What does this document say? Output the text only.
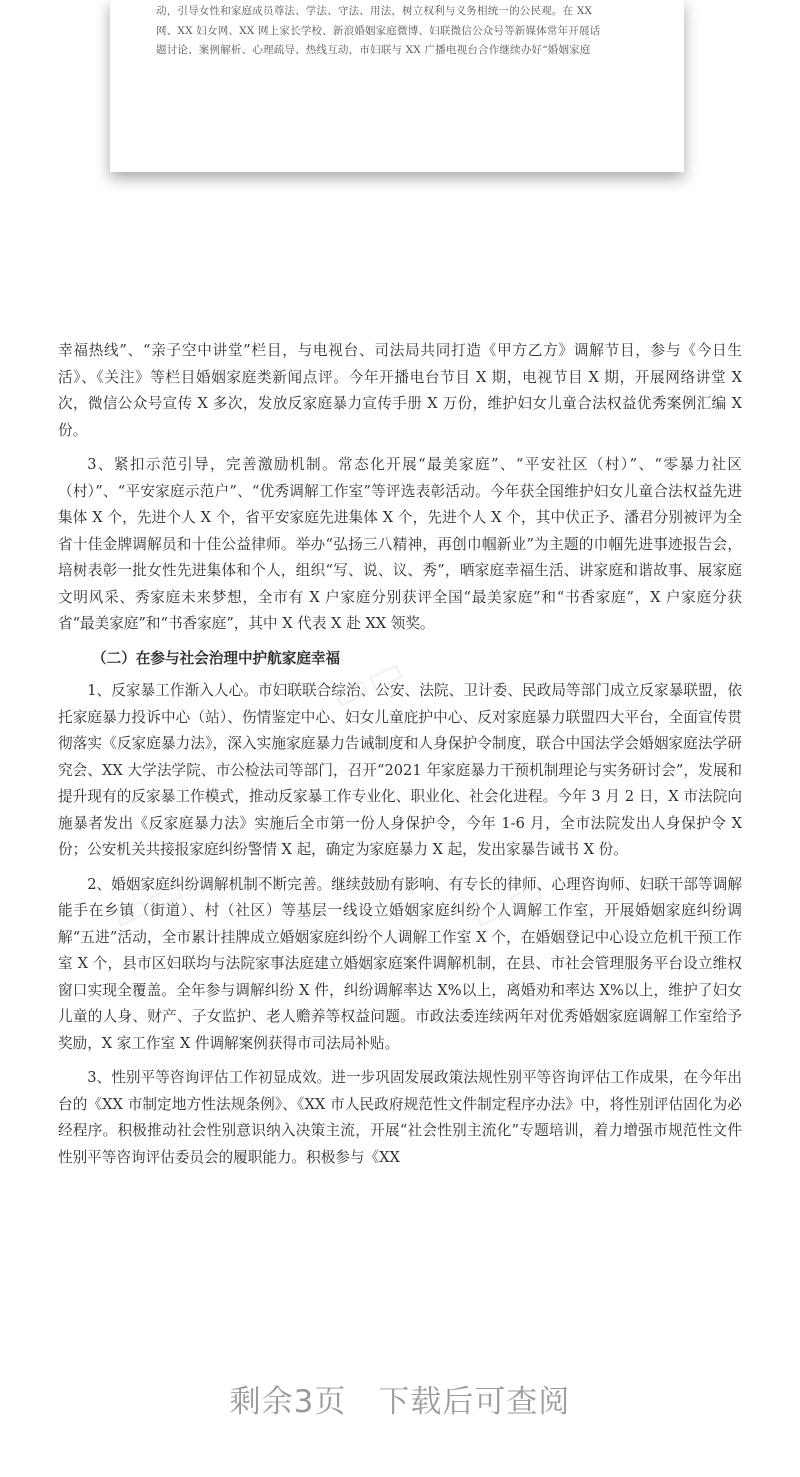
动，引导女性和家庭成员尊法、学法、守法、用法，树立权利与义务相统一的公民观。在 XX

网、XX 妇女网、XX 网上家长学校、新浪婚姻家庭微博、妇联微信公众号等新媒体常年开展话

题讨论、案例解析、心理疏导、热线互动，市妇联与 XX 广播电视台合作继续办好“婚姻家庭

幸福热线”、“亲子空中讲堂”栏目，与电视台、司法局共同打造《甲方乙方》调解节目，参与《今日生活》、《关注》等栏目婚姻家庭类新闻点评。今年开播电台节目 X 期，电视节目 X 期，开展网络讲堂 X 次，微信公众号宣传 X 多次，发放反家庭暴力宣传手册 X 万份，维护妇女儿童合法权益优秀案例汇编 X 份。

3、紧扣示范引导，完善激励机制。常态化开展“最美家庭”、“平安社区（村）”、“零暴力社区（村）”、“平安家庭示范户”、“优秀调解工作室”等评选表彰活动。今年获全国维护妇女儿童合法权益先进集体 X 个，先进个人 X 个，省平安家庭先进集体 X 个，先进个人 X 个，其中伏正予、潘君分别被评为全省十佳金牌调解员和十佳公益律师。举办“弘扬三八精神，再创巾帼新业”为主题的巾帼先进事迹报告会，培树表彰一批女性先进集体和个人，组织“写、说、议、秀”，晒家庭幸福生活、讲家庭和谐故事、展家庭文明风采、秀家庭未来梦想，全市有 X 户家庭分别获评全国“最美家庭”和“书香家庭”，X 户家庭分获省“最美家庭”和“书香家庭”，其中 X 代表 X 赴 XX 领奖。

（二）在参与社会治理中护航家庭幸福

1、反家暴工作渐入人心。市妇联联合综治、公安、法院、卫计委、民政局等部门成立反家暴联盟，依托家庭暴力投诉中心（站）、伤情鉴定中心、妇女儿童庇护中心、反对家庭暴力联盟四大平台，全面宣传贯彻落实《反家庭暴力法》，深入实施家庭暴力告诫制度和人身保护令制度，联合中国法学会婚姻家庭法学研究会、XX 大学法学院、市公检法司等部门，召开“2021 年家庭暴力干预机制理论与实务研讨会”，发展和提升现有的反家暴工作模式，推动反家暴工作专业化、职业化、社会化进程。今年 3 月 2 日，X 市法院向施暴者发出《反家庭暴力法》实施后全市第一份人身保护令，今年 1-6 月，全市法院发出人身保护令 X 份；公安机关共接报家庭纠纷警情 X 起，确定为家庭暴力 X 起，发出家暴告诫书 X 份。

2、婚姻家庭纠纷调解机制不断完善。继续鼓励有影响、有专长的律师、心理咨询师、妇联干部等调解能手在乡镇（街道）、村（社区）等基层一线设立婚姻家庭纠纷个人调解工作室，开展婚姻家庭纠纷调解“五进”活动，全市累计挂牌成立婚姻家庭纠纷个人调解工作室 X 个，在婚姻登记中心设立危机干预工作室 X 个，县市区妇联均与法院家事法庭建立婚姻家庭案件调解机制，在县、市社会管理服务平台设立维权窗口实现全覆盖。全年参与调解纠纷 X 件，纠纷调解率达 X%以上，离婚劝和率达 X%以上，维护了妇女儿童的人身、财产、子女监护、老人赡养等权益问题。市政法委连续两年对优秀婚姻家庭调解工作室给予奖励，X 家工作室 X 件调解案例获得市司法局补贴。

3、性别平等咨询评估工作初显成效。进一步巩固发展政策法规性别平等咨询评估工作成果，在今年出台的《XX 市制定地方性法规条例》、《XX 市人民政府规范性文件制定程序办法》中，将性别评估固化为必经程序。积极推动社会性别意识纳入决策主流，开展“社会性别主流化”专题培训，着力增强市规范性文件性别平等咨询评估委员会的履职能力。积极参与《XX

▭▭
▭▭	▭▭
剩余3页 下载后可查阅
